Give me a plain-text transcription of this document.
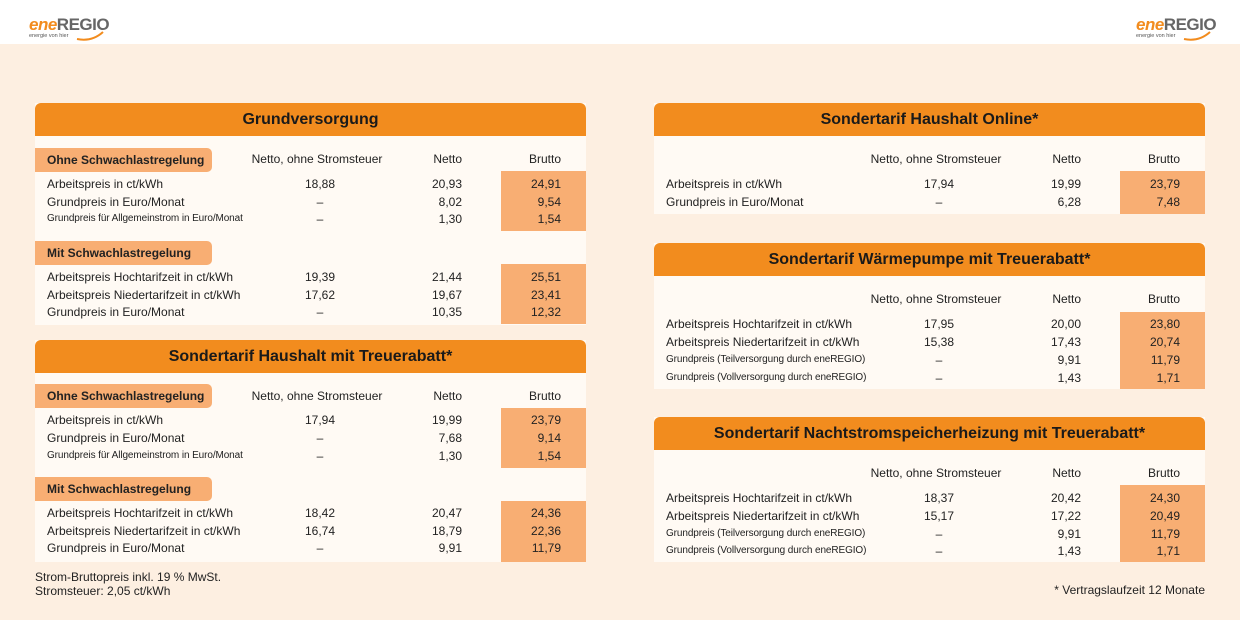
eneREGIO
energie von hier
eneREGIO
energie von hier
Grundversorgung
Ohne Schwachlastregelung	Netto, ohne Stromsteuer	Netto	Brutto
Arbeitspreis in ct/kWh	18,88	20,93	24,91
Grundpreis in Euro/Monat	–	8,02	9,54
Grundpreis für Allgemeinstrom in Euro/Monat	–	1,30	1,54
Mit Schwachlastregelung
Arbeitspreis Hochtarifzeit in ct/kWh	19,39	21,44	25,51
Arbeitspreis Niedertarifzeit in ct/kWh	17,62	19,67	23,41
Grundpreis in Euro/Monat	–	10,35	12,32
Sondertarif Haushalt mit Treuerabatt*
Ohne Schwachlastregelung	Netto, ohne Stromsteuer	Netto	Brutto
Arbeitspreis in ct/kWh	17,94	19,99	23,79
Grundpreis in Euro/Monat	–	7,68	9,14
Grundpreis für Allgemeinstrom in Euro/Monat	–	1,30	1,54
Mit Schwachlastregelung
Arbeitspreis Hochtarifzeit in ct/kWh	18,42	20,47	24,36
Arbeitspreis Niedertarifzeit in ct/kWh	16,74	18,79	22,36
Grundpreis in Euro/Monat	–	9,91	11,79
Sondertarif Haushalt Online*
Netto, ohne Stromsteuer	Netto	Brutto
Arbeitspreis in ct/kWh	17,94	19,99	23,79
Grundpreis in Euro/Monat	–	6,28	7,48
Sondertarif Wärmepumpe mit Treuerabatt*
Netto, ohne Stromsteuer	Netto	Brutto
Arbeitspreis Hochtarifzeit in ct/kWh	17,95	20,00	23,80
Arbeitspreis Niedertarifzeit in ct/kWh	15,38	17,43	20,74
Grundpreis (Teilversorgung durch eneREGIO)	–	9,91	11,79
Grundpreis (Vollversorgung durch eneREGIO)	–	1,43	1,71
Sondertarif Nachtstromspeicherheizung mit Treuerabatt*
Netto, ohne Stromsteuer	Netto	Brutto
Arbeitspreis Hochtarifzeit in ct/kWh	18,37	20,42	24,30
Arbeitspreis Niedertarifzeit in ct/kWh	15,17	17,22	20,49
Grundpreis (Teilversorgung durch eneREGIO)	–	9,91	11,79
Grundpreis (Vollversorgung durch eneREGIO)	–	1,43	1,71
Strom-Bruttopreis inkl. 19 % MwSt.
Stromsteuer: 2,05 ct/kWh	* Vertragslaufzeit 12 Monate
